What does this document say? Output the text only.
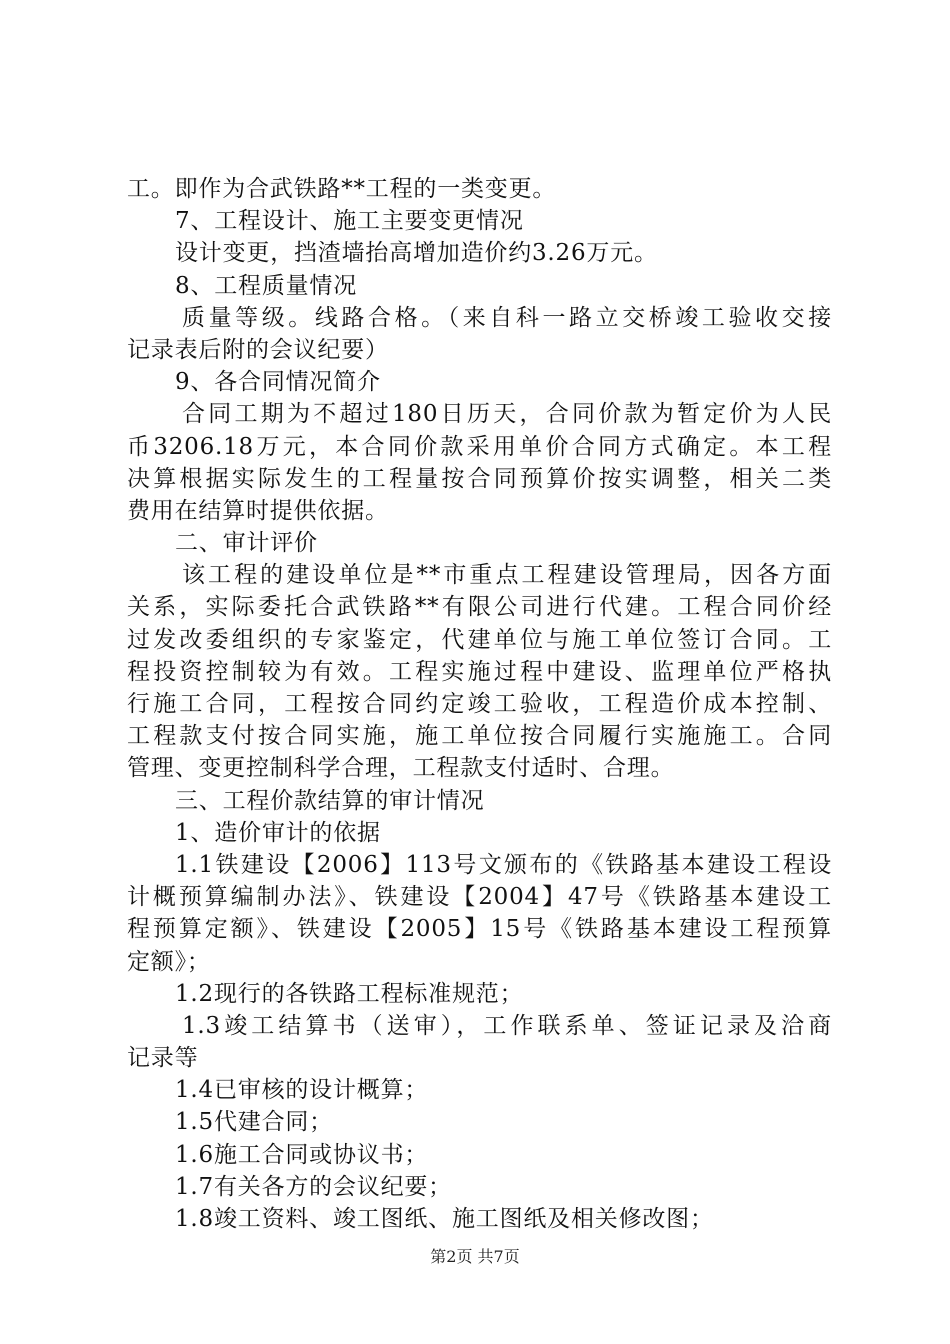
工。即作为合武铁路**工程的一类变更。
7、工程设计、施工主要变更情况
设计变更，挡渣墙抬高增加造价约3.26万元。
8、工程质量情况
质量等级。线路合格。（来自科一路立交桥竣工验收交接
记录表后附的会议纪要）
9、各合同情况简介
合同工期为不超过180日历天，合同价款为暂定价为人民
币3206.18万元，本合同价款采用单价合同方式确定。本工程
决算根据实际发生的工程量按合同预算价按实调整，相关二类
费用在结算时提供依据。
二、审计评价
该工程的建设单位是**市重点工程建设管理局，因各方面
关系，实际委托合武铁路**有限公司进行代建。工程合同价经
过发改委组织的专家鉴定，代建单位与施工单位签订合同。工
程投资控制较为有效。工程实施过程中建设、监理单位严格执
行施工合同，工程按合同约定竣工验收，工程造价成本控制、
工程款支付按合同实施，施工单位按合同履行实施施工。合同
管理、变更控制科学合理，工程款支付适时、合理。
三、工程价款结算的审计情况
1、造价审计的依据
1.1铁建设【2006】113号文颁布的《铁路基本建设工程设
计概预算编制办法》、铁建设【2004】47号《铁路基本建设工
程预算定额》、铁建设【2005】15号《铁路基本建设工程预算
定额》；
1.2现行的各铁路工程标准规范；
1.3竣工结算书（送审），工作联系单、签证记录及洽商
记录等
1.4已审核的设计概算；
1.5代建合同；
1.6施工合同或协议书；
1.7有关各方的会议纪要；
1.8竣工资料、竣工图纸、施工图纸及相关修改图；
第2页 共7页
